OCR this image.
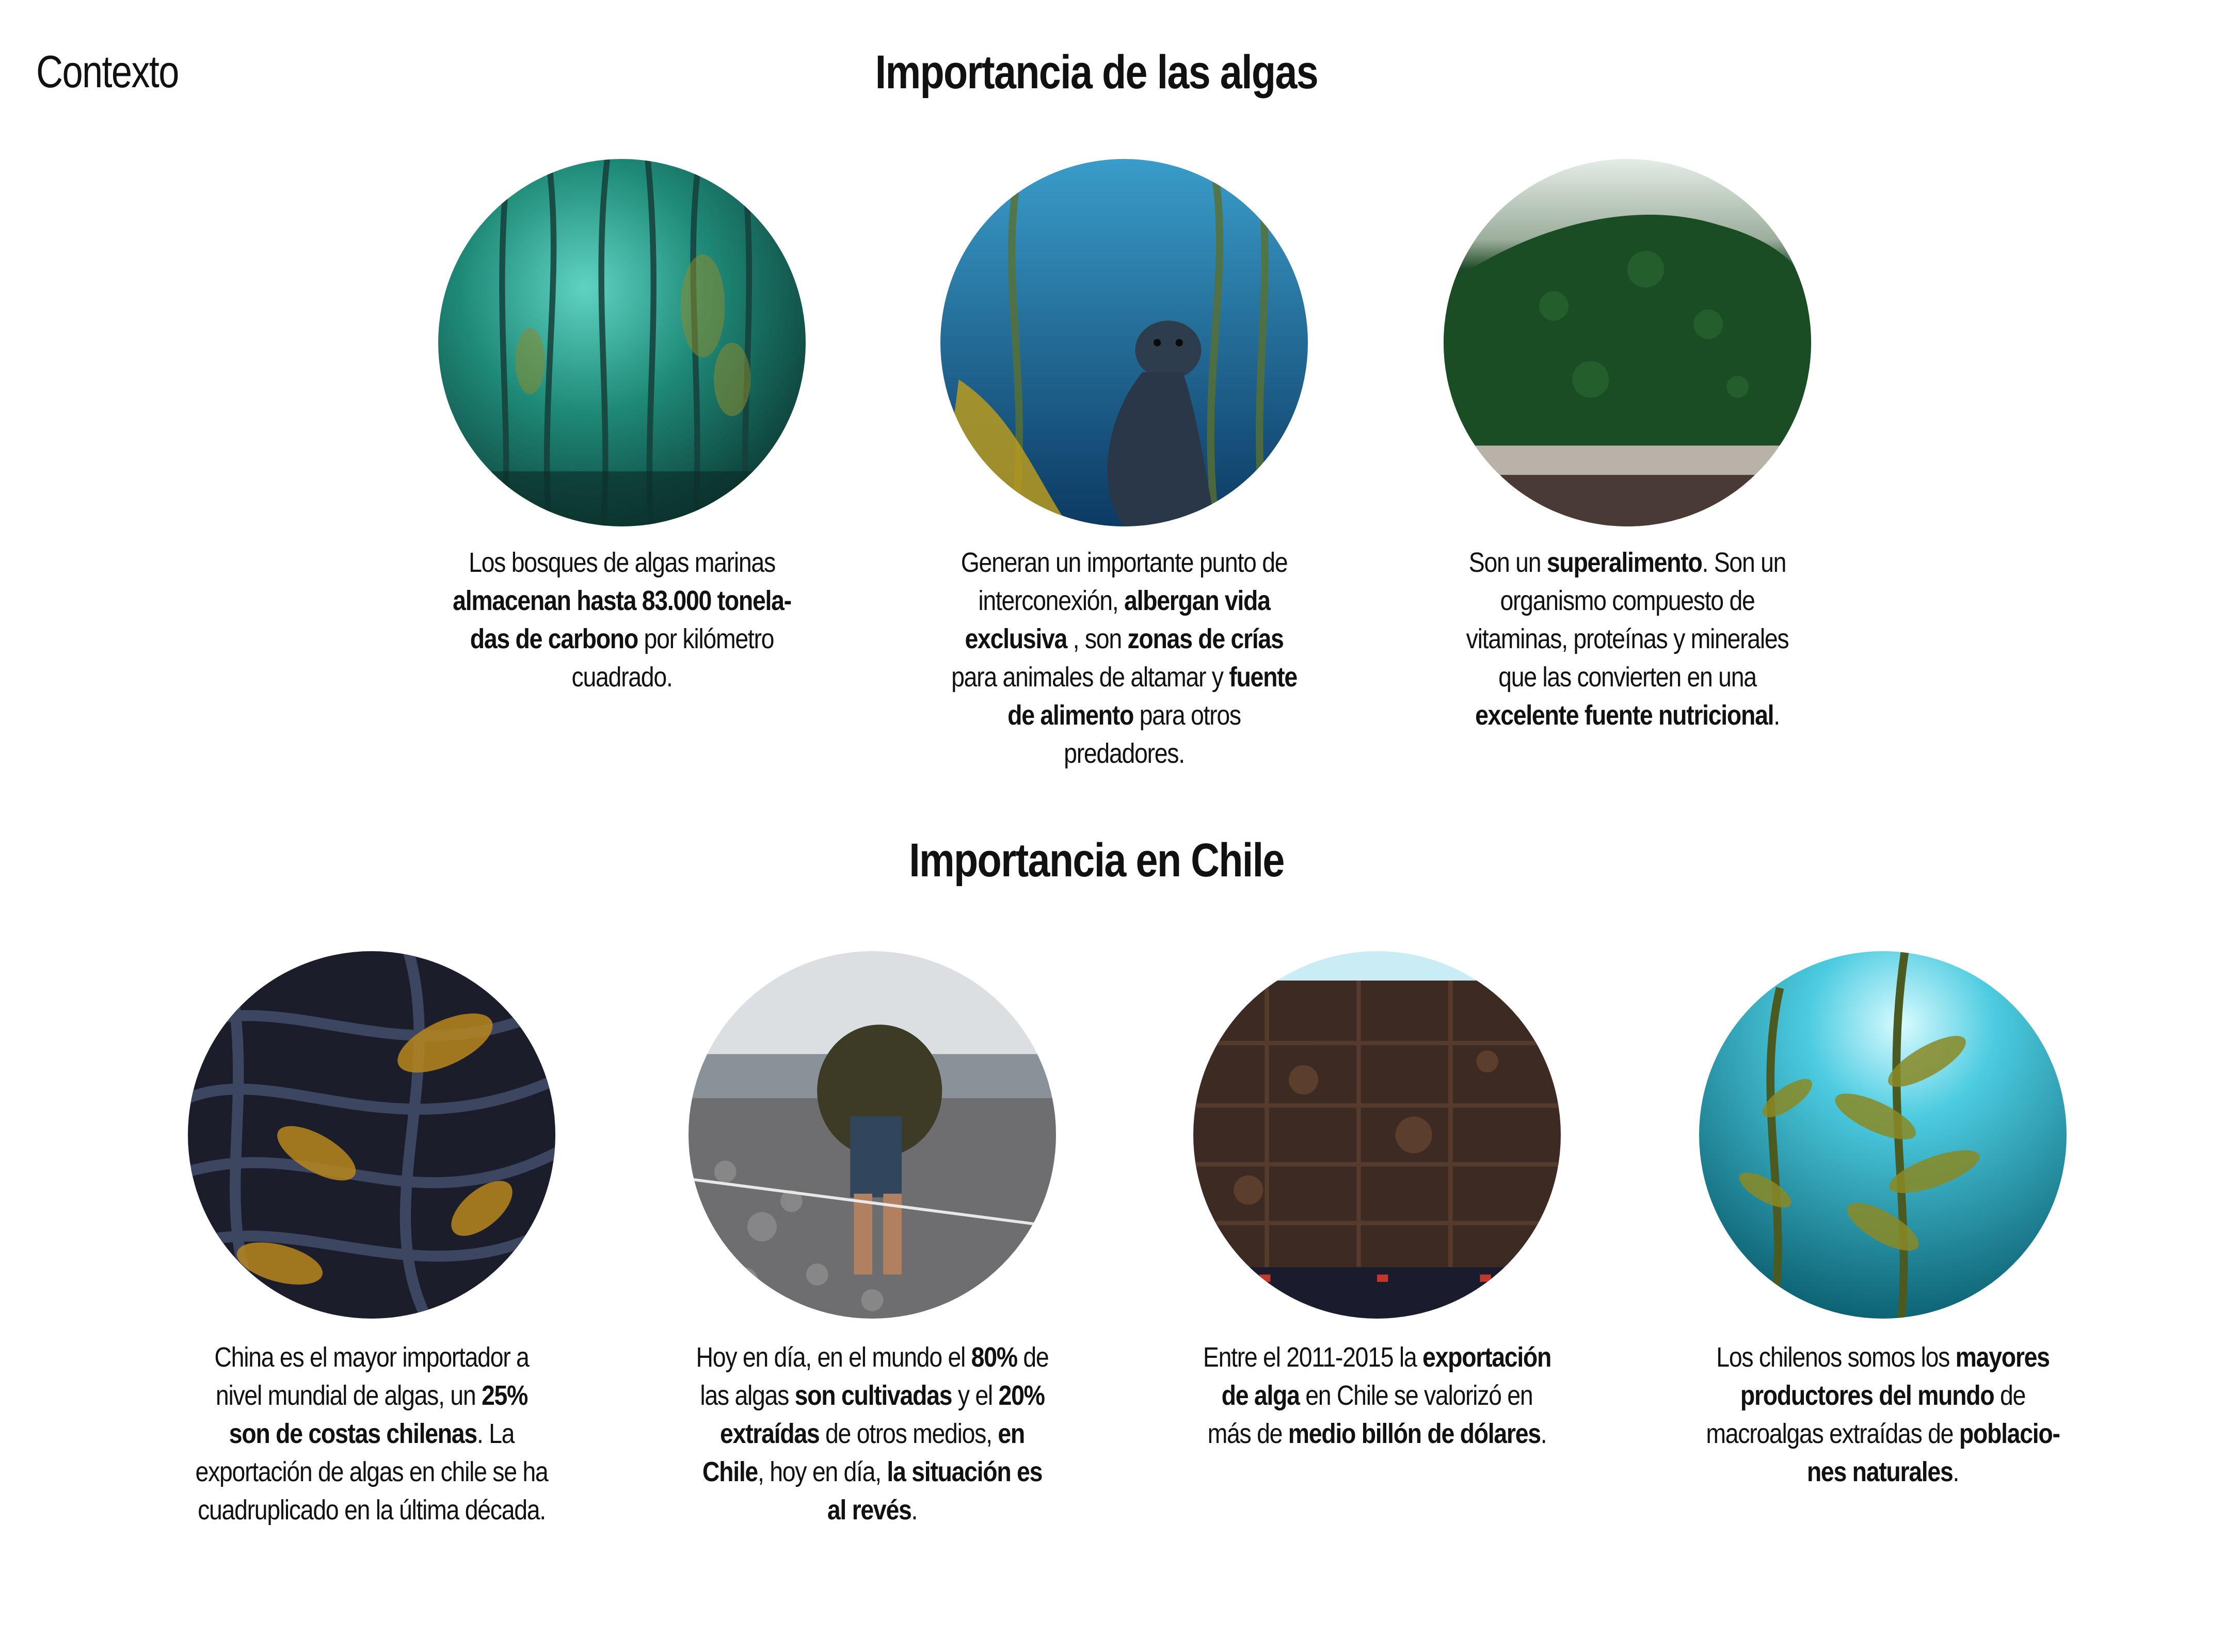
Contexto	Importancia de las algas
Importancia en Chile
Los bosques de algas marinas almacenan hasta 83.000 tonela- das de carbono por kilómetro cuadrado.
Generan un importante punto de interconexión, albergan vida exclusiva , son zonas de crías para animales de altamar y fuente de alimento para otros predadores.
Son un superalimento. Son un organismo compuesto de vitaminas, proteínas y minerales que las convierten en una excelente fuente nutricional.
China es el mayor importador a nivel mundial de algas, un 25% son de costas chilenas. La exportación de algas en chile se ha cuadruplicado en la última década.
Hoy en día, en el mundo el 80% de las algas son cultivadas y el 20% extraídas de otros medios, en Chile, hoy en día, la situación es al revés.
Entre el 2011-2015 la exportación de alga en Chile se valorizó en más de medio billón de dólares.
Los chilenos somos los mayores productores del mundo de macroalgas extraídas de poblacio- nes naturales.
